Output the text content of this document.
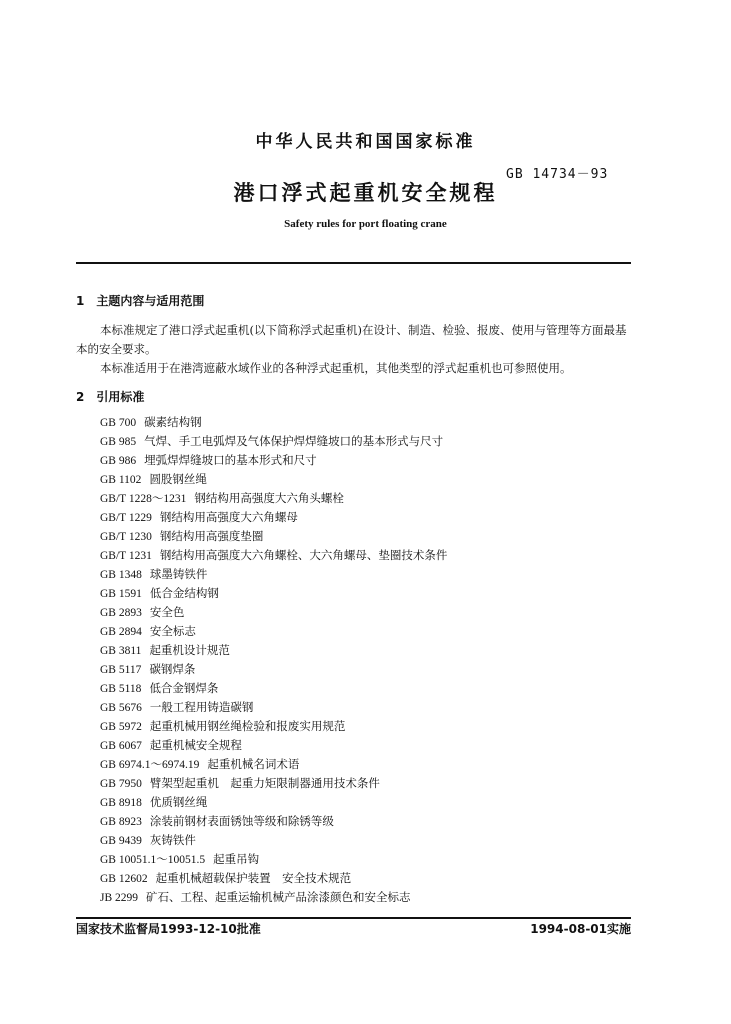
中华人民共和国国家标准
GB 14734－93
港口浮式起重机安全规程
Safety rules for port floating crane
1　主题内容与适用范围
本标准规定了港口浮式起重机(以下简称浮式起重机)在设计、制造、检验、报废、使用与管理等方面最基本的安全要求。
本标准适用于在港湾遮蔽水域作业的各种浮式起重机，其他类型的浮式起重机也可参照使用。
2　引用标准
GB 700 碳素结构钢
GB 985 气焊、手工电弧焊及气体保护焊焊缝坡口的基本形式与尺寸
GB 986 埋弧焊焊缝坡口的基本形式和尺寸
GB 1102 圆股钢丝绳
GB/T 1228～1231 钢结构用高强度大六角头螺栓
GB/T 1229 钢结构用高强度大六角螺母
GB/T 1230 钢结构用高强度垫圈
GB/T 1231 钢结构用高强度大六角螺栓、大六角螺母、垫圈技术条件
GB 1348 球墨铸铁件
GB 1591 低合金结构钢
GB 2893 安全色
GB 2894 安全标志
GB 3811 起重机设计规范
GB 5117 碳钢焊条
GB 5118 低合金钢焊条
GB 5676 一般工程用铸造碳钢
GB 5972 起重机械用钢丝绳检验和报废实用规范
GB 6067 起重机械安全规程
GB 6974.1～6974.19 起重机械名词术语
GB 7950 臂架型起重机　起重力矩限制器通用技术条件
GB 8918 优质钢丝绳
GB 8923 涂装前钢材表面锈蚀等级和除锈等级
GB 9439 灰铸铁件
GB 10051.1～10051.5 起重吊钩
GB 12602 起重机械超载保护装置　安全技术规范
JB 2299 矿石、工程、起重运输机械产品涂漆颜色和安全标志
国家技术监督局1993-12-10批准	1994-08-01实施
